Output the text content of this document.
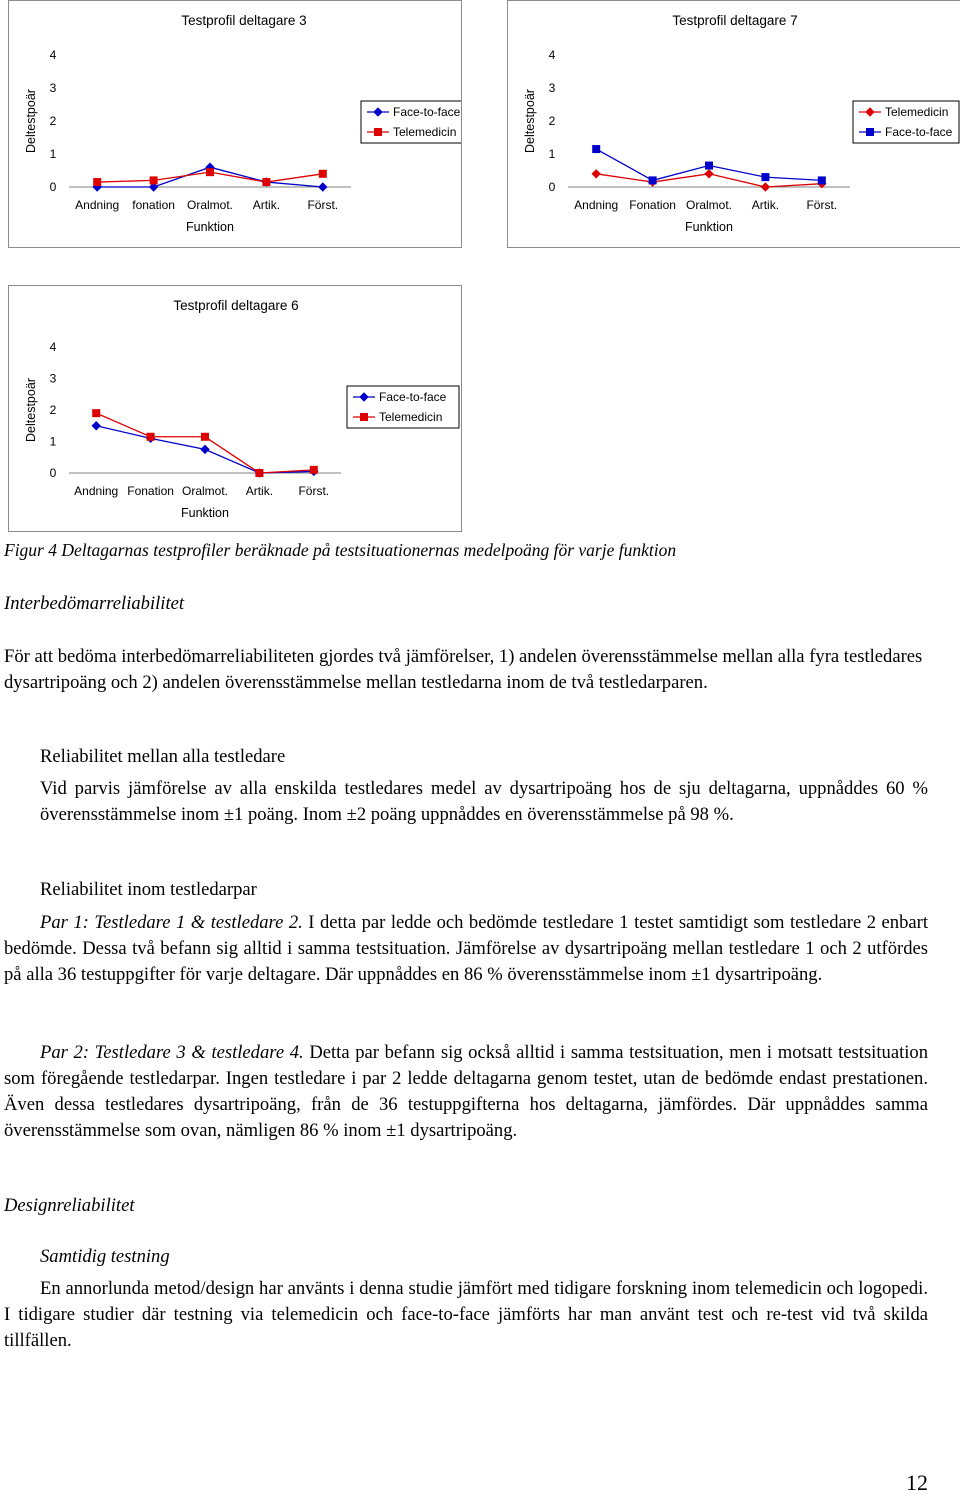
Testprofil deltagare 3
Deltestpoär
0
1
2
3
4
Andning fonation Oralmot. Artik. Först.
Funktion
Face-to-face
Telemedicin
Testprofil deltagare 7
Deltestpoär
0
1
2
3
4
Andning Fonation Oralmot. Artik. Först.
Funktion
Telemedicin
Face-to-face
Testprofil deltagare 6
Deltestpoär
0
1
2
3
4
Andning Fonation Oralmot. Artik. Först.
Funktion
Face-to-face
Telemedicin
Figur 4 Deltagarnas testprofiler beräknade på testsituationernas medelpoäng för varje funktion
Interbedömarreliabilitet
För att bedöma interbedömarreliabiliteten gjordes två jämförelser, 1) andelen överensstämmelse mellan alla fyra testledares dysartripoäng och 2) andelen överensstämmelse mellan testledarna inom de två testledarparen.
Reliabilitet mellan alla testledare
Vid parvis jämförelse av alla enskilda testledares medel av dysartripoäng hos de sju deltagarna, uppnåddes 60 % överensstämmelse inom ±1 poäng. Inom ±2 poäng uppnåddes en överensstämmelse på 98 %.
Reliabilitet inom testledarpar
Par 1: Testledare 1 & testledare 2. I detta par ledde och bedömde testledare 1 testet samtidigt som testledare 2 enbart bedömde. Dessa två befann sig alltid i samma testsituation. Jämförelse av dysartripoäng mellan testledare 1 och 2 utfördes på alla 36 testuppgifter för varje deltagare. Där uppnåddes en 86 % överensstämmelse inom ±1 dysartripoäng.
Par 2: Testledare 3 & testledare 4. Detta par befann sig också alltid i samma testsituation, men i motsatt testsituation som föregående testledarpar. Ingen testledare i par 2 ledde deltagarna genom testet, utan de bedömde endast prestationen. Även dessa testledares dysartripoäng, från de 36 testuppgifterna hos deltagarna, jämfördes. Där uppnåddes samma överensstämmelse som ovan, nämligen 86 % inom ±1 dysartripoäng.
Designreliabilitet
Samtidig testning
En annorlunda metod/design har använts i denna studie jämfört med tidigare forskning inom telemedicin och logopedi. I tidigare studier där testning via telemedicin och face-to-face jämförts har man använt test och re-test vid två skilda tillfällen.
12
